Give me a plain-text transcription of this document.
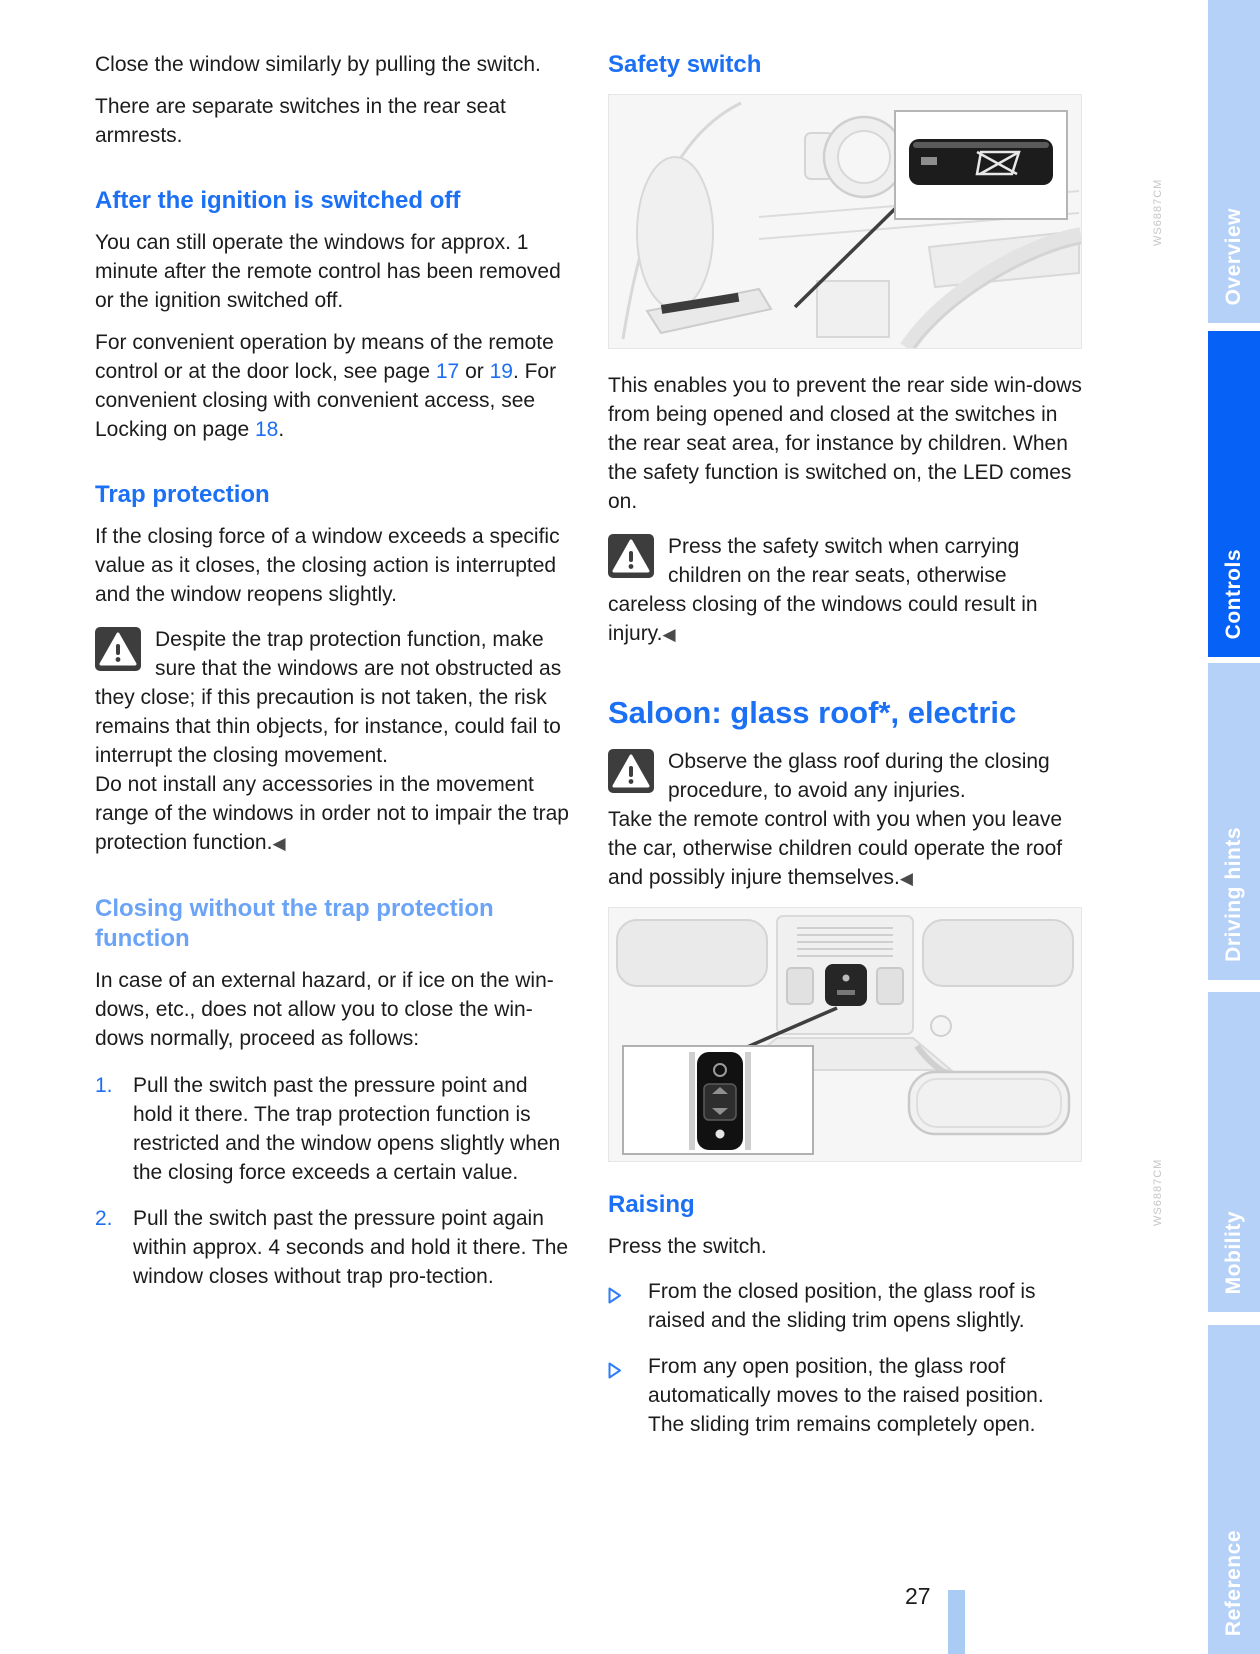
Close the window similarly by pulling the switch.

There are separate switches in the rear seat armrests.

After the ignition is switched off

You can still operate the windows for approx. 1 minute after the remote control has been removed or the ignition switched off.

For convenient operation by means of the remote control or at the door lock, see page 17 or 19. For convenient closing with convenient access, see Locking on page 18.

Trap protection

If the closing force of a window exceeds a specific value as it closes, the closing action is interrupted and the window reopens slightly.

Despite the trap protection function, make sure that the windows are not obstructed as they close; if this precaution is not taken, the risk remains that thin objects, for instance, could fail to interrupt the closing movement.

Do not install any accessories in the movement range of the windows in order not to impair the trap protection function.◀

Closing without the trap protection function

In case of an external hazard, or if ice on the win-dows, etc., does not allow you to close the win-dows normally, proceed as follows:

1. Pull the switch past the pressure point and hold it there. The trap protection function is restricted and the window opens slightly when the closing force exceeds a certain value.
2. Pull the switch past the pressure point again within approx. 4 seconds and hold it there. The window closes without trap pro-tection.
Safety switch

This enables you to prevent the rear side win-dows from being opened and closed at the switches in the rear seat area, for instance by children. When the safety function is switched on, the LED comes on.

Press the safety switch when carrying children on the rear seats, otherwise careless closing of the windows could result in injury.◀

Saloon: glass roof*, electric

Observe the glass roof during the closing procedure, to avoid any injuries.

Take the remote control with you when you leave the car, otherwise children could operate the roof and possibly injure themselves.◀

Raising

Press the switch.

From the closed position, the glass roof is raised and the sliding trim opens slightly.
From any open position, the glass roof automatically moves to the raised position. The sliding trim remains completely open.
Overview
Controls
Driving hints
Mobility
Reference
WS6887CM
WS6887CM
27
